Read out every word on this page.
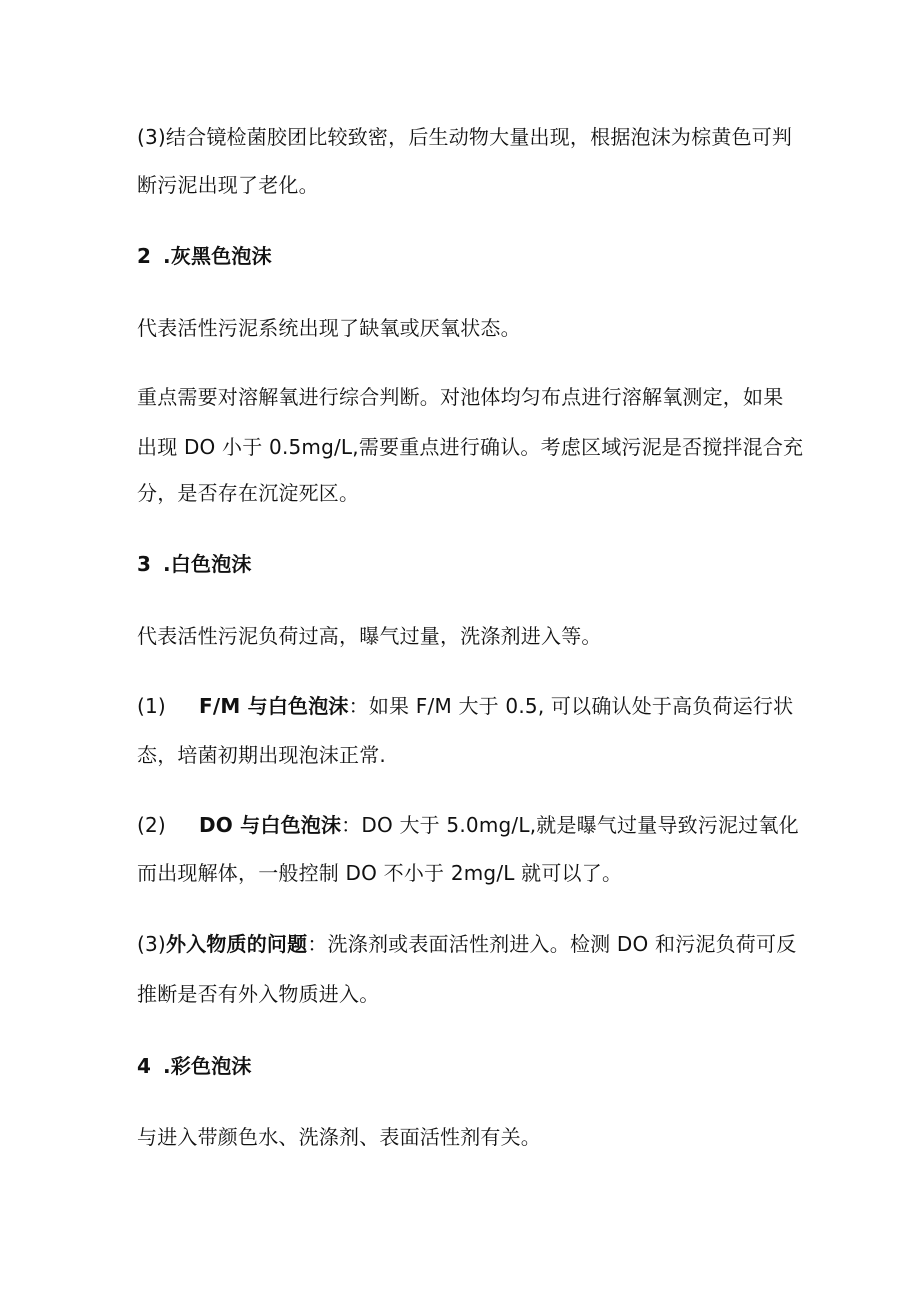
(3)结合镜检菌胶团比较致密，后生动物大量出现，根据泡沫为棕黄色可判
断污泥出现了老化。
2 .灰黑色泡沫
代表活性污泥系统出现了缺氧或厌氧状态。
重点需要对溶解氧进行综合判断。对池体均匀布点进行溶解氧测定，如果
出现 DO 小于 0.5mg/L,需要重点进行确认。考虑区域污泥是否搅拌混合充
分，是否存在沉淀死区。
3 .白色泡沫
代表活性污泥负荷过高，曝气过量，洗涤剂进入等。
(1) F/M 与白色泡沫：如果 F/M 大于 0.5, 可以确认处于高负荷运行状
态，培菌初期出现泡沫正常.
(2) DO 与白色泡沫：DO 大于 5.0mg/L,就是曝气过量导致污泥过氧化
而出现解体，一般控制 DO 不小于 2mg/L 就可以了。
(3)外入物质的问题：洗涤剂或表面活性剂进入。检测 DO 和污泥负荷可反
推断是否有外入物质进入。
4 .彩色泡沫
与进入带颜色水、洗涤剂、表面活性剂有关。
